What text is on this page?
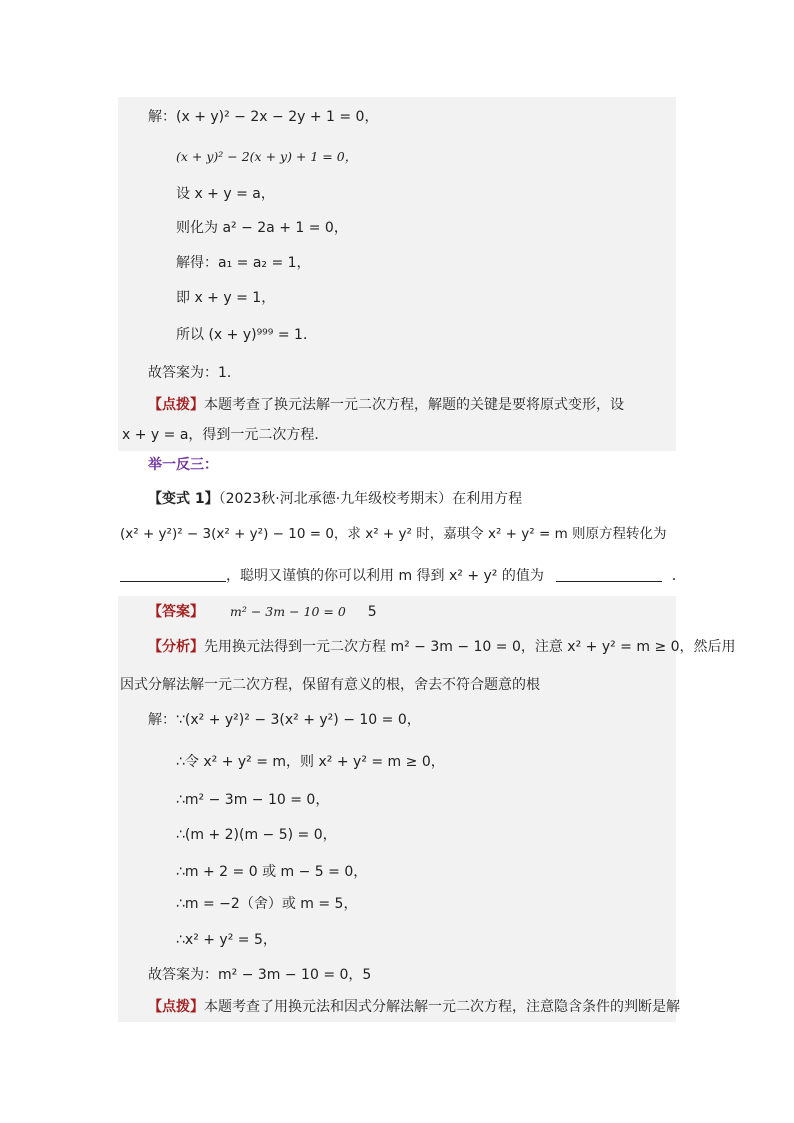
解：(x + y)² − 2x − 2y + 1 = 0，
(x + y)² − 2(x + y) + 1 = 0，
设 x + y = a，
则化为 a² − 2a + 1 = 0，
解得：a₁ = a₂ = 1，
即 x + y = 1，
所以 (x + y)⁹⁹⁹ = 1．
故答案为：1．
【点拨】本题考查了换元法解一元二次方程，解题的关键是要将原式变形，设
x + y = a，得到一元二次方程．
举一反三：
【变式 1】（2023秋·河北承德·九年级校考期末）在利用方程
(x² + y²)² − 3(x² + y²) − 10 = 0，求 x² + y² 时，嘉琪令 x² + y² = m 则原方程转化为
，聪明又谨慎的你可以利用 m 得到 x² + y² 的值为	．
【答案】 m² − 3m − 10 = 0 5
【分析】先用换元法得到一元二次方程 m² − 3m − 10 = 0，注意 x² + y² = m ≥ 0，然后用
因式分解法解一元二次方程，保留有意义的根，舍去不符合题意的根
解：∵(x² + y²)² − 3(x² + y²) − 10 = 0，
∴令 x² + y² = m，则 x² + y² = m ≥ 0，
∴m² − 3m − 10 = 0，
∴(m + 2)(m − 5) = 0，
∴m + 2 = 0 或 m − 5 = 0，
∴m = −2（舍）或 m = 5，
∴x² + y² = 5，
故答案为：m² − 3m − 10 = 0，5
【点拨】本题考查了用换元法和因式分解法解一元二次方程，注意隐含条件的判断是解
